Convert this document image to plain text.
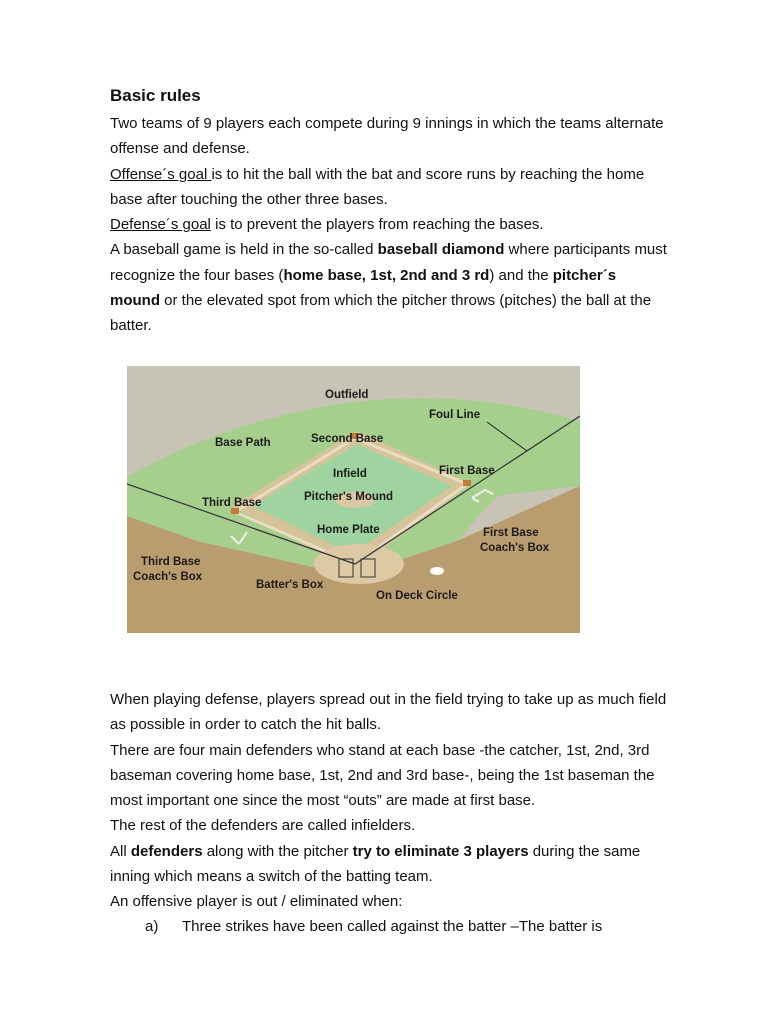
Basic rules

Two teams of 9 players each compete during 9 innings in which the teams alternate offense and defense.

Offense´s goal is to hit the ball with the bat and score runs by reaching the home base after touching the other three bases.

Defense´s goal is to prevent the players from reaching the bases.

A baseball game is held in the so-called baseball diamond where participants must recognize the four bases (home base, 1st, 2nd and 3 rd) and the pitcher´s mound or the elevated spot from which the pitcher throws (pitches) the ball at the batter.

Outfield
Foul Line
Base Path	Second Base
Infield	First Base
Third Base	Pitcher's Mound
Home Plate	First Base
Coach's Box
Third Base
Coach's Box
Batter's Box
On Deck Circle

When playing defense, players spread out in the field trying to take up as much field as possible in order to catch the hit balls.

There are four main defenders who stand at each base -the catcher, 1st, 2nd, 3rd baseman covering home base, 1st, 2nd and 3rd base-, being the 1st baseman the most important one since the most “outs” are made at first base.

The rest of the defenders are called infielders.

All defenders along with the pitcher try to eliminate 3 players during the same inning which means a switch of the batting team.

An offensive player is out / eliminated when:

a) Three strikes have been called against the batter –The batter is
